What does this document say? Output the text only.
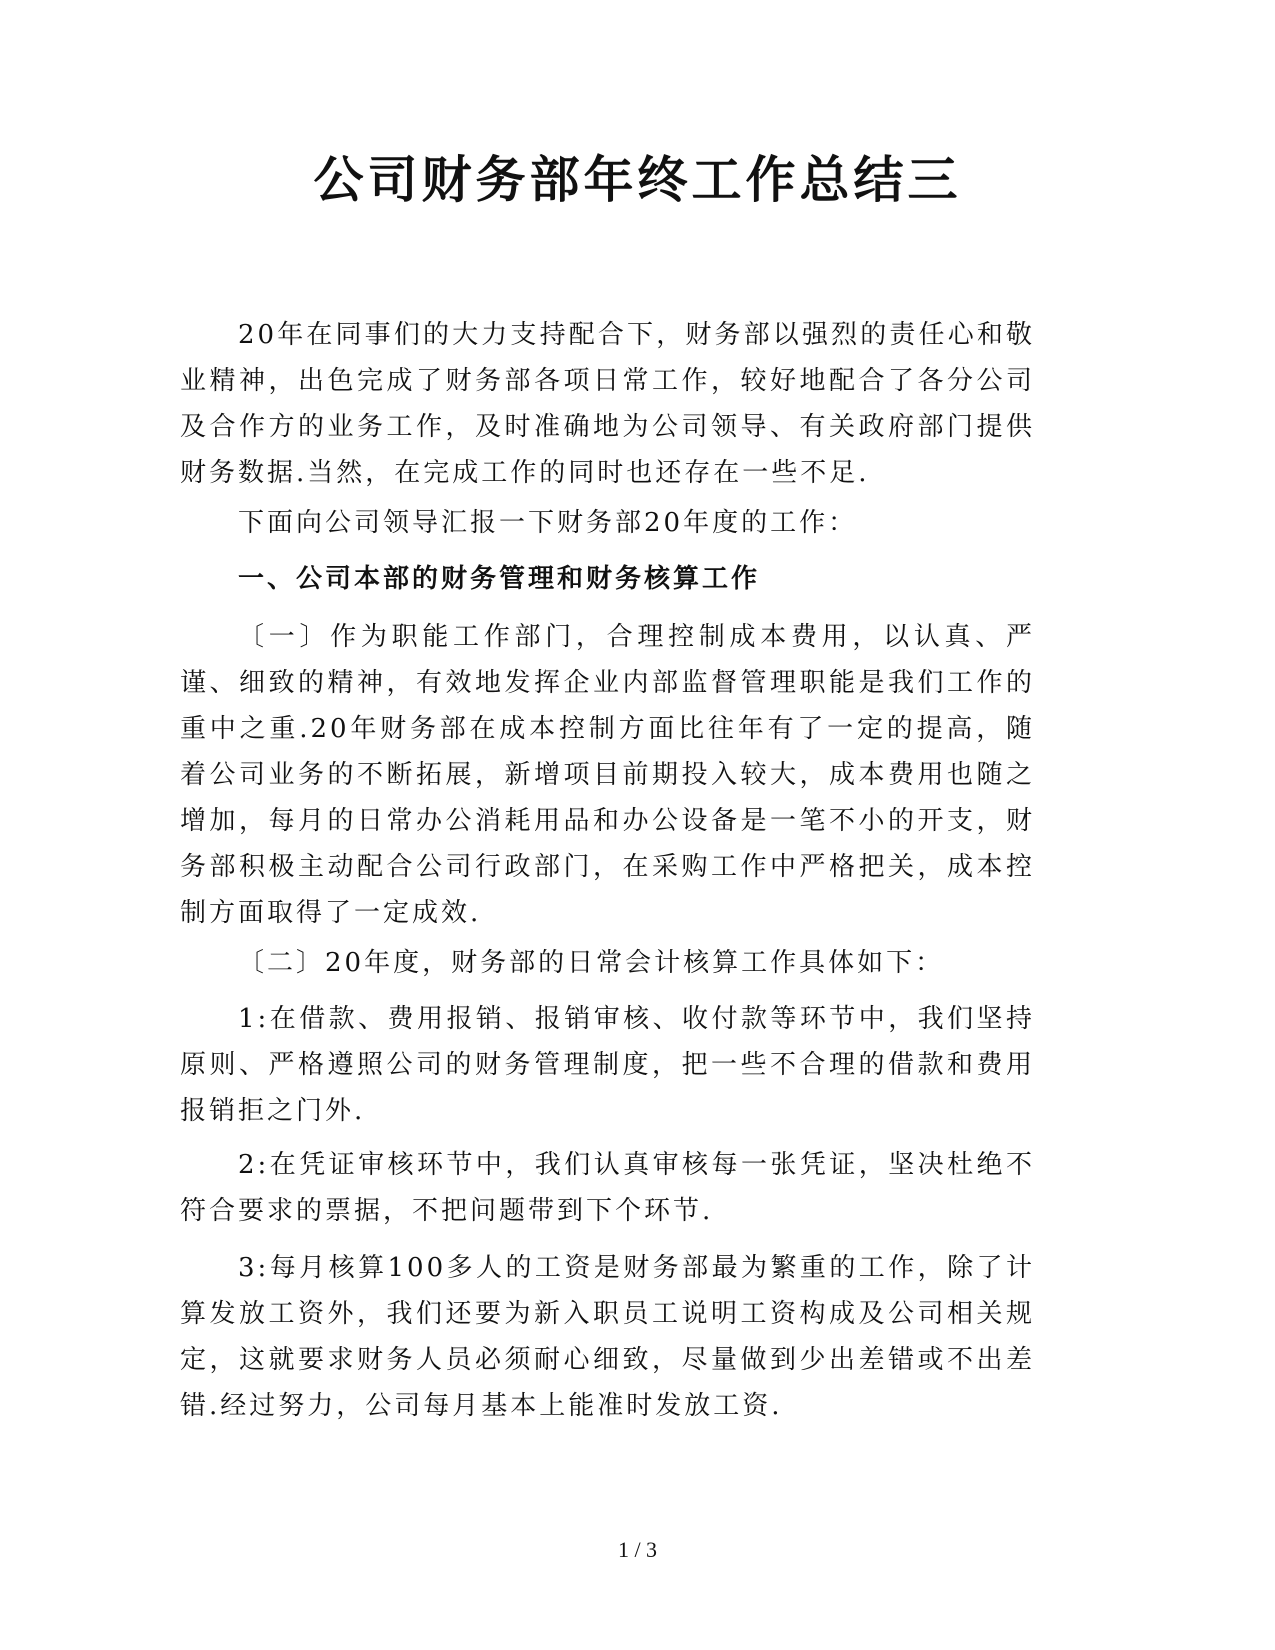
公司财务部年终工作总结三

20年在同事们的大力支持配合下，财务部以强烈的责任心和敬业精神，出色完成了财务部各项日常工作，较好地配合了各分公司及合作方的业务工作，及时准确地为公司领导、有关政府部门提供财务数据.当然，在完成工作的同时也还存在一些不足.

下面向公司领导汇报一下财务部20年度的工作：

一、公司本部的财务管理和财务核算工作

〔一〕作为职能工作部门，合理控制成本费用，以认真、严谨、细致的精神，有效地发挥企业内部监督管理职能是我们工作的重中之重.20年财务部在成本控制方面比往年有了一定的提高，随着公司业务的不断拓展，新增项目前期投入较大，成本费用也随之增加，每月的日常办公消耗用品和办公设备是一笔不小的开支，财务部积极主动配合公司行政部门，在采购工作中严格把关，成本控制方面取得了一定成效.

〔二〕20年度，财务部的日常会计核算工作具体如下：

1:在借款、费用报销、报销审核、收付款等环节中，我们坚持原则、严格遵照公司的财务管理制度，把一些不合理的借款和费用报销拒之门外.

2:在凭证审核环节中，我们认真审核每一张凭证，坚决杜绝不符合要求的票据，不把问题带到下个环节.

3:每月核算100多人的工资是财务部最为繁重的工作，除了计算发放工资外，我们还要为新入职员工说明工资构成及公司相关规定，这就要求财务人员必须耐心细致，尽量做到少出差错或不出差错.经过努力，公司每月基本上能准时发放工资.

1 / 3
